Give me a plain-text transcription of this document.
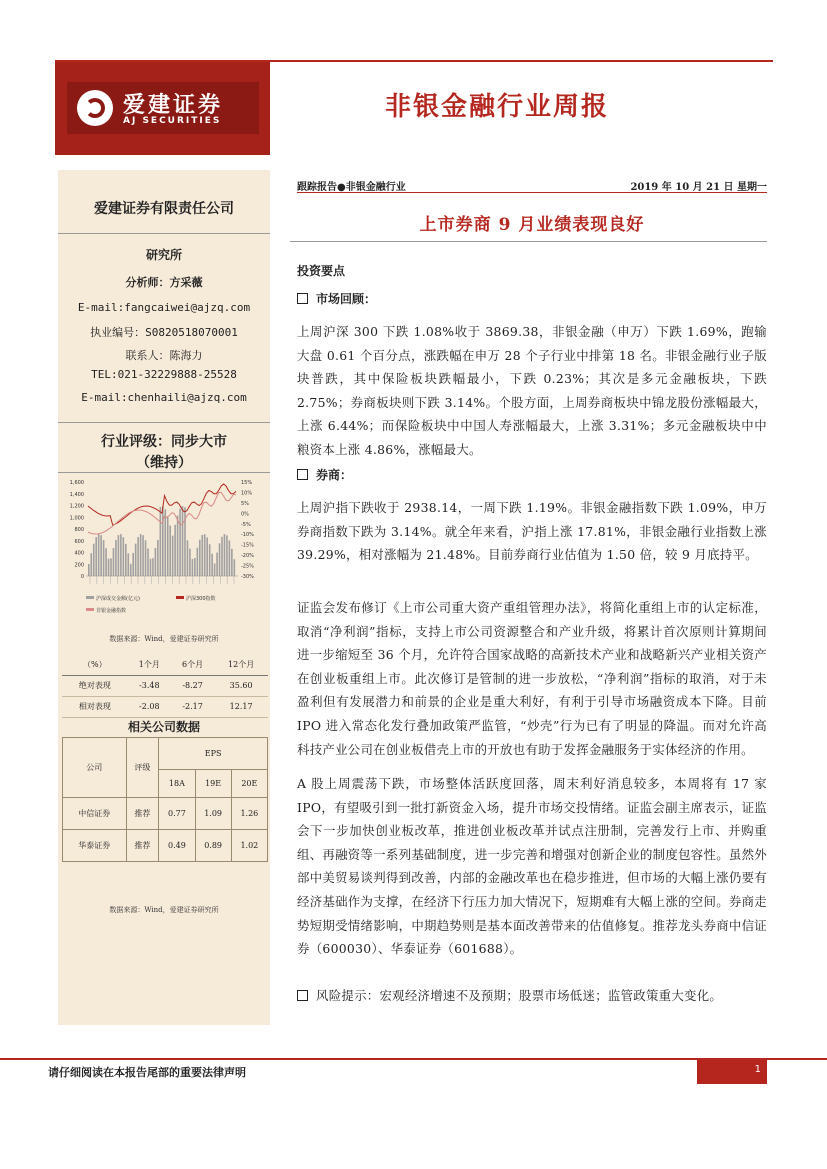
爱建证券
AJ SECURITIES	非银金融行业周报
爱建证券有限责任公司
研究所
分析师：方采薇
E-mail:fangcaiwei@ajzq.com
执业编号：S0820518070001
联系人：陈海力
TEL:021-32229888-25528
E-mail:chenhaili@ajzq.com
行业评级：同步大市
（维持）
1,600
1,400
1,200
1,000
800
600
400
200
0
15%
10%
5%
0%
-5%
-10%
-15%
-20%
-25%
-30%
沪深成交金额(亿元)	沪深300指数
非银金融指数
数据来源：Wind，爱建证券研究所
（%）	1个月	6个月	12个月
绝对表现	-3.48	-8.27	35.60
相对表现	-2.08	-2.17	12.17
相关公司数据
公司	评级	EPS		
		18A	19E	20E
中信证券	推荐	0.77	1.09	1.26
华泰证券	推荐	0.49	0.89	1.02
数据来源：Wind，爱建证券研究所
跟踪报告●非银金融行业	2019 年 10 月 21 日 星期一
上市券商 9 月业绩表现良好
投资要点
市场回顾：
上周沪深 300 下跌 1.08%收于 3869.38，非银金融（申万）下跌 1.69%，跑输大盘 0.61 个百分点，涨跌幅在申万 28 个子行业中排第 18 名。非银金融行业子版块普跌，其中保险板块跌幅最小，下跌 0.23%；其次是多元金融板块，下跌 2.75%；券商板块则下跌 3.14%。个股方面，上周券商板块中锦龙股份涨幅最大，上涨 6.44%；而保险板块中中国人寿涨幅最大，上涨 3.31%；多元金融板块中中粮资本上涨 4.86%，涨幅最大。
券商：
上周沪指下跌收于 2938.14，一周下跌 1.19%。非银金融指数下跌 1.09%，申万券商指数下跌为 3.14%。就全年来看，沪指上涨 17.81%，非银金融行业指数上涨 39.29%，相对涨幅为 21.48%。目前券商行业估值为 1.50 倍，较 9 月底持平。
证监会发布修订《上市公司重大资产重组管理办法》，将简化重组上市的认定标准，取消“净利润”指标，支持上市公司资源整合和产业升级，将累计首次原则计算期间进一步缩短至 36 个月，允许符合国家战略的高新技术产业和战略新兴产业相关资产在创业板重组上市。此次修订是管制的进一步放松，“净利润”指标的取消，对于未盈利但有发展潜力和前景的企业是重大利好，有利于引导市场融资成本下降。目前 IPO 进入常态化发行叠加政策严监管，“炒壳”行为已有了明显的降温。而对允许高科技产业公司在创业板借壳上市的开放也有助于发挥金融服务于实体经济的作用。
A 股上周震荡下跌，市场整体活跃度回落，周末利好消息较多，本周将有 17 家 IPO，有望吸引到一批打新资金入场，提升市场交投情绪。证监会副主席表示，证监会下一步加快创业板改革，推进创业板改革并试点注册制，完善发行上市、并购重组、再融资等一系列基础制度，进一步完善和增强对创新企业的制度包容性。虽然外部中美贸易谈判得到改善，内部的金融改革也在稳步推进，但市场的大幅上涨仍要有经济基础作为支撑，在经济下行压力加大情况下，短期难有大幅上涨的空间。券商走势短期受情绪影响，中期趋势则是基本面改善带来的估值修复。推荐龙头券商中信证券（600030）、华泰证券（601688）。
风险提示：宏观经济增速不及预期；股票市场低迷；监管政策重大变化。
请仔细阅读在本报告尾部的重要法律声明	1
